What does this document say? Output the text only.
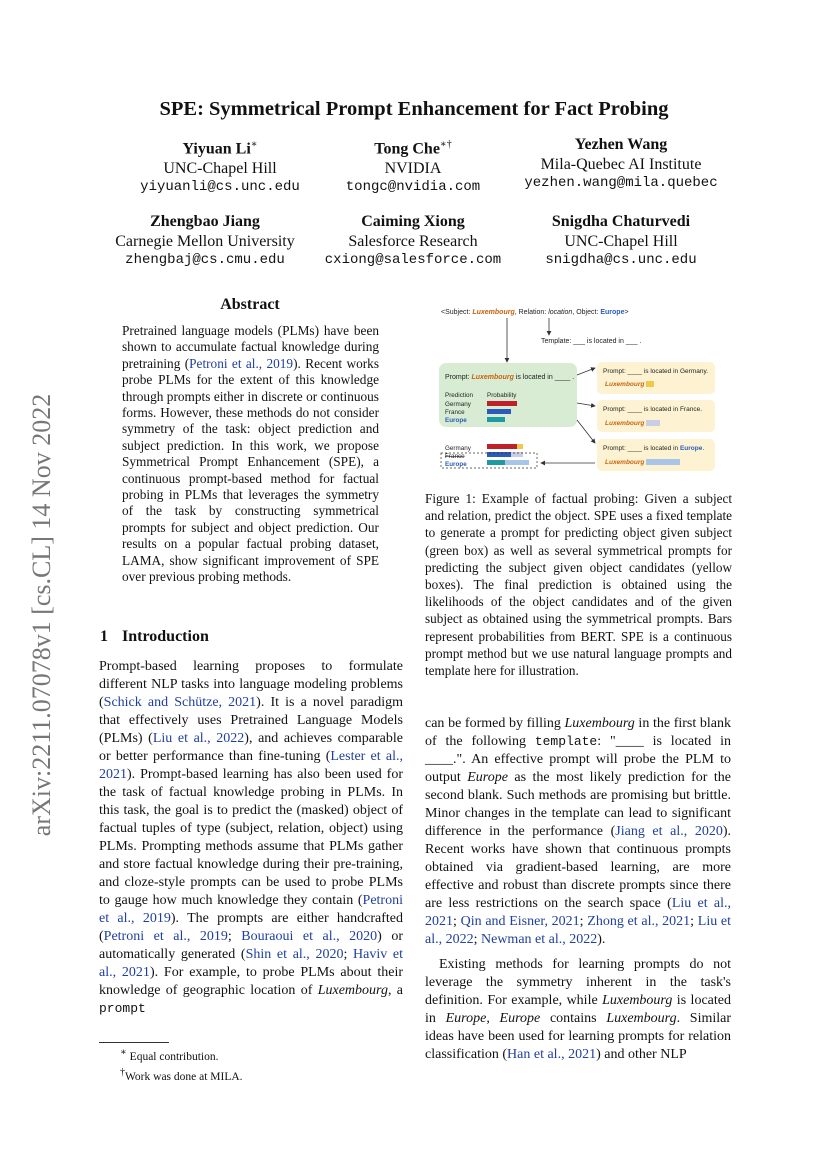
arXiv:2211.07078v1 [cs.CL] 14 Nov 2022
SPE: Symmetrical Prompt Enhancement for Fact Probing
Yiyuan Li∗
UNC-Chapel Hill
yiyuanli@cs.unc.edu
Tong Che∗†
NVIDIA
tongc@nvidia.com
Yezhen Wang
Mila-Quebec AI Institute
yezhen.wang@mila.quebec
Zhengbao Jiang
Carnegie Mellon University
zhengbaj@cs.cmu.edu
Caiming Xiong
Salesforce Research
cxiong@salesforce.com
Snigdha Chaturvedi
UNC-Chapel Hill
snigdha@cs.unc.edu
Abstract
Pretrained language models (PLMs) have been shown to accumulate factual knowledge during pretraining (Petroni et al., 2019). Recent works probe PLMs for the extent of this knowledge through prompts either in discrete or continuous forms. However, these methods do not consider symmetry of the task: object prediction and subject prediction. In this work, we propose Symmetrical Prompt Enhancement (SPE), a continuous prompt-based method for factual probing in PLMs that leverages the symmetry of the task by constructing symmetrical prompts for subject and object prediction. Our results on a popular factual probing dataset, LAMA, show significant improvement of SPE over previous probing methods.
1 Introduction

Prompt-based learning proposes to formulate different NLP tasks into language modeling problems (Schick and Schütze, 2021). It is a novel paradigm that effectively uses Pretrained Language Models (PLMs) (Liu et al., 2022), and achieves comparable or better performance than fine-tuning (Lester et al., 2021). Prompt-based learning has also been used for the task of factual knowledge probing in PLMs. In this task, the goal is to predict the (masked) object of factual tuples of type (subject, relation, object) using PLMs. Prompting methods assume that PLMs gather and store factual knowledge during their pre-training, and cloze-style prompts can be used to probe PLMs to gauge how much knowledge they contain (Petroni et al., 2019). The prompts are either handcrafted (Petroni et al., 2019; Bouraoui et al., 2020) or automatically generated (Shin et al., 2020; Haviv et al., 2021). For example, to probe PLMs about their knowledge of geographic location of Luxembourg, a prompt

∗ Equal contribution.
†Work was done at MILA.
<Subject: Luxembourg, Relation: location, Object: Europe>
Template: ___ is located in ___ .
Prompt: Luxembourg is located in ____ .
Prediction Probability
Germany
France
Europe
Prompt: ____ is located in Germany.
Luxembourg
Prompt: ____ is located in France.
Luxembourg
Prompt: ____ is located in Europe.
Luxembourg
Germany
France
Europe
Figure 1: Example of factual probing: Given a subject and relation, predict the object. SPE uses a fixed template to generate a prompt for predicting object given subject (green box) as well as several symmetrical prompts for predicting the subject given object candidates (yellow boxes). The final prediction is obtained using the likelihoods of the object candidates and of the given subject as obtained using the symmetrical prompts. Bars represent probabilities from BERT. SPE is a continuous prompt method but we use natural language prompts and template here for illustration.

can be formed by filling Luxembourg in the first blank of the following template: "____ is located in ____.". An effective prompt will probe the PLM to output Europe as the most likely prediction for the second blank. Such methods are promising but brittle. Minor changes in the template can lead to significant difference in the performance (Jiang et al., 2020). Recent works have shown that continuous prompts obtained via gradient-based learning, are more effective and robust than discrete prompts since there are less restrictions on the search space (Liu et al., 2021; Qin and Eisner, 2021; Zhong et al., 2021; Liu et al., 2022; Newman et al., 2022).

Existing methods for learning prompts do not leverage the symmetry inherent in the task's definition. For example, while Luxembourg is located in Europe, Europe contains Luxembourg. Similar ideas have been used for learning prompts for relation classification (Han et al., 2021) and other NLP
